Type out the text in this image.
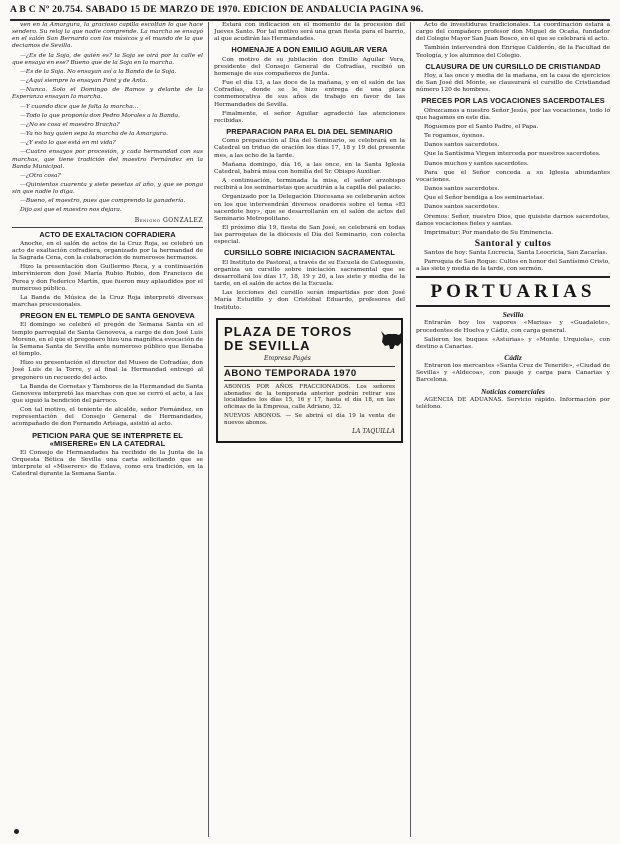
A B C Nº 20.754. SABADO 15 DE MARZO DE 1970. EDICION DE ANDALUCIA PAGINA 96.

ven en la Amargura, la gracioso capilla escoltan lo que hace sendero. Su reloj la que nadie comprende. La marcha se ensayó en el salón San Bernardo con los músicos y el mundo de la que deciamos de Sevilla.

—¿Es de la Soja, de quién es? la Soja se oirá por la calle el que ensaya en ese? Bueno que de la Soja en la marcha.

—Es de la Soja. No ensayan así a la Banda de la Soja.

—¿Aquí siempre lo ensayan Font y de Anta.

—Nunca. Solo el Domingo de Ramos y delante de la Esperanza ensayan la marcha.

—Y cuando dice que le falta la marcha...

—Todo lo que proponía don Pedro Morales a la Banda.

—¿No es cosa el maestro Bracha?

—Ya no hay quien sepa la marcha de la Amargura.

—¿Y esto lo que está en mi vida?

—Cuatro ensayos por procesión, y cada hermandad con sus marchas, que tiene tradición del maestro Fernández en la Banda Municipal.

—¿Otra cosa?

—Quinientos cuarenta y siete pesetas al año, y que se ponga sin que nadie lo diga.

—Bueno, el maestro, pues que comprendo la ganadería.

Dijo así que el maestro nos dejara.

Benigno GONZALEZ
ACTO DE EXALTACION COFRADIERA

Anoche, en el salón de actos de la Cruz Roja, se celebró un acto de exaltación cofradiera, organizado por la hermandad de la Sagrada Cena, con la colaboración de numerosos hermanos.

Hizo la presentación don Guillermo Reca, y a continuación intervinieron don José María Rubio Rubio, don Francisco de Perea y don Federico Martín, que fueron muy aplaudidos por el numeroso público.

La Banda de Música de la Cruz Roja interpretó diversas marchas procesionales.

PREGON EN EL TEMPLO DE SANTA GENOVEVA

El domingo se celebró el pregón de Semana Santa en el templo parroquial de Santa Genoveva, a cargo de don José Luis Moreno, en el que el pregonero hizo una magnífica evocación de la Semana Santa de Sevilla ante numeroso público que llenaba el templo.

Hizo su presentación el director del Museo de Cofradías, don José Luis de la Torre, y al final la Hermandad entregó al pregonero un recuerdo del acto.

La Banda de Cornetas y Tambores de la Hermandad de Santa Genoveva interpretó las marchas con que se cerró el acto, a las que siguió la bendición del párroco.

Con tal motivo, el teniente de alcalde, señor Fernández, en representación del Consejo General de Hermandades, acompañado de don Fernando Arteaga, asistió al acto.

PETICION PARA QUE SE INTERPRETE EL «MISERERE» EN LA CATEDRAL

El Consejo de Hermandades ha recibido de la Junta de la Orquesta Bética de Sevilla una carta solicitando que se interprete el «Miserere» de Eslava, como era tradición, en la Catedral durante la Semana Santa.

Estará con indicación en el momento de la procesión del Jueves Santo. Por tal motivo será una gran fiesta para el barrio, al que acudirán las Hermandades.

HOMENAJE A DON EMILIO AGUILAR VERA

Con motivo de su jubilación don Emilio Aguilar Vera, presidente del Consejo General de Cofradías, recibió un homenaje de sus compañeros de Junta.

Fue el día 13, a las doce de la mañana, y en el salón de las Cofradías, donde se le hizo entrega de una placa conmemorativa de sus años de trabajo en favor de las Hermandades de Sevilla.

Finalmente, el señor Aguilar agradeció las atenciones recibidas.

PREPARACION PARA EL DIA DEL SEMINARIO

Como preparación al Día del Seminario, se celebrará en la Catedral un triduo de oración los días 17, 18 y 19 del presente mes, a las ocho de la tarde.

Mañana domingo, día 16, a las once, en la Santa Iglesia Catedral, habrá misa con homilía del Sr. Obispo Auxiliar.

A continuación, terminada la misa, el señor arzobispo recibirá a los seminaristas que acudirán a la capilla del palacio.

Organizado por la Delegación Diocesana se celebrarán actos en los que intervendrán diversos oradores sobre el tema «El sacerdote hoy», que se desarrollarán en el salón de actos del Seminario Metropolitano.

El próximo día 19, fiesta de San José, se celebrará en todas las parroquias de la diócesis el Día del Seminario, con colecta especial.

CURSILLO SOBRE INICIACION SACRAMENTAL

El Instituto de Pastoral, a través de su Escuela de Catequesis, organiza un cursillo sobre iniciación sacramental que se desarrollará los días 17, 18, 19 y 20, a las siete y media de la tarde, en el salón de actos de la Escuela.

Las lecciones del cursillo serán impartidas por don José María Estudillo y don Cristóbal Eduardo, profesores del Instituto.

PLAZA DE TOROS
DE SEVILLA
Empresa Pagés
ABONO TEMPORADA 1970

ABONOS POR AÑOS FRACCIONADOS. Los señores abonados de la temporada anterior podrán retirar sus localidades los días 15, 16 y 17, hasta el día 18, en las oficinas de la Empresa, calle Adriano, 32.

NUEVOS ABONOS. — Se abrirá el día 19 la venta de nuevos abonos.

LA TAQUILLA

Acto de investiduras tradicionales. La coordinación estará a cargo del compañero profesor don Miguel de Ocaña, fundador del Colegio Mayor San Juan Bosco, en el que se celebrará el acto.

También intervendrá don Enrique Calderón, de la Facultad de Teología, y los alumnos del Colegio.

CLAUSURA DE UN CURSILLO DE CRISTIANDAD

Hoy, a las once y media de la mañana, en la casa de ejercicios de San José del Monte, se clausurará el cursillo de Cristiandad número 120 de hombres.

PRECES POR LAS VOCACIONES SACERDOTALES

Ofrezcamos a nuestro Señor Jesús, por las vocaciones, todo lo que hagamos en este día.

Roguemos por el Santo Padre, el Papa.

Te rogamos, óyenos.

Danos santos sacerdotes.

Que la Santísima Virgen interceda por nuestros sacerdotes.

Danos muchos y santos sacerdotes.

Para que el Señor conceda a su Iglesia abundantes vocaciones.

Danos santos sacerdotes.

Que el Señor bendiga a los seminaristas.

Danos santos sacerdotes.

Oremos: Señor, nuestro Dios, que quisiste darnos sacerdotes, danos vocaciones fieles y santas.

Imprimatur: Por mandato de Su Eminencia.

Santoral y cultos

Santos de hoy: Santa Lucrecia, Santa Leocricia, San Zacarías.

Parroquia de San Roque: Cultos en honor del Santísimo Cristo, a las siete y media de la tarde, con sermón.

PORTUARIAS
Sevilla

Entrarán hoy los vapores «Marisa» y «Guadalete», procedentes de Huelva y Cádiz, con carga general.

Salieron los buques «Asturias» y «Monte Urquiola», con destino a Canarias.

Cádiz

Entraron los mercantes «Santa Cruz de Tenerife», «Ciudad de Sevilla» y «Aldecoa», con pasaje y carga para Canarias y Barcelona.

Noticias comerciales

AGENCIA DE ADUANAS. Servicio rápido. Información por teléfono.
